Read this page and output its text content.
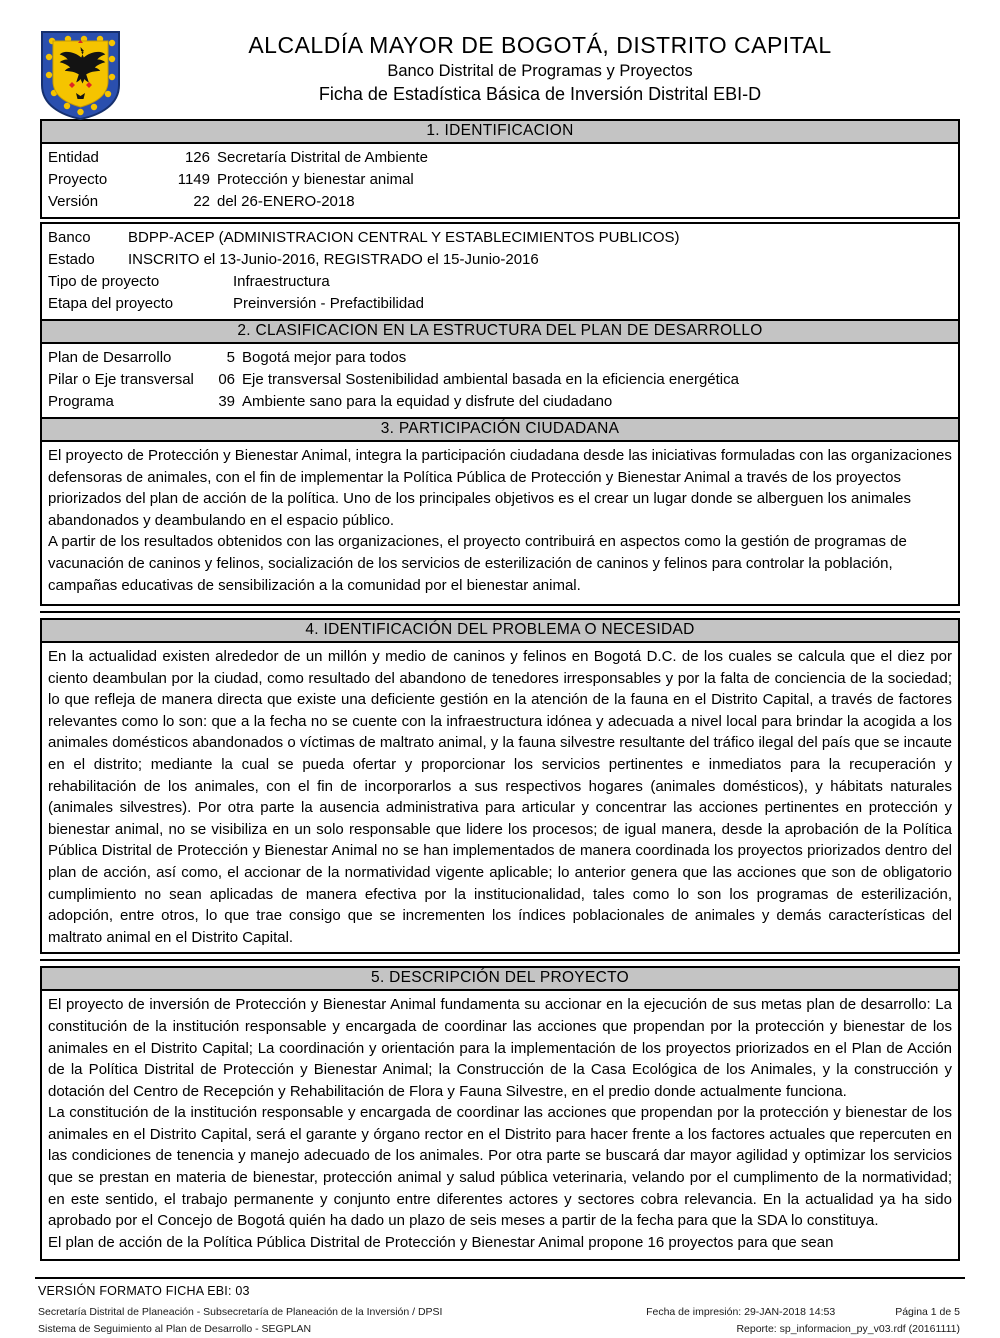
ALCALDÍA MAYOR DE BOGOTÁ, DISTRITO CAPITAL
Banco Distrital de Programas y Proyectos
Ficha de Estadística Básica de Inversión Distrital EBI-D
1. IDENTIFICACION
Entidad	126 Secretaría Distrital de Ambiente
Proyecto	1149 Protección y bienestar animal
Versión	22 del 26-ENERO-2018
Banco	BDPP-ACEP (ADMINISTRACION CENTRAL Y ESTABLECIMIENTOS PUBLICOS)
Estado	INSCRITO el 13-Junio-2016, REGISTRADO el 15-Junio-2016
Tipo de proyecto	Infraestructura
Etapa del proyecto	Preinversión - Prefactibilidad
2. CLASIFICACION EN LA ESTRUCTURA DEL PLAN DE DESARROLLO
Plan de Desarrollo	5 Bogotá mejor para todos
Pilar o Eje transversal	06 Eje transversal Sostenibilidad ambiental basada en la eficiencia energética
Programa	39 Ambiente sano para la equidad y disfrute del ciudadano
3. PARTICIPACIÓN CIUDADANA

El proyecto de Protección y Bienestar Animal, integra la participación ciudadana desde las iniciativas formuladas con las organizaciones defensoras de animales, con el fin de implementar la Política Pública de Protección y Bienestar Animal a través de los proyectos priorizados del plan de acción de la política. Uno de los principales objetivos es el crear un lugar donde se alberguen los animales abandonados y deambulando en el espacio público.

A partir de los resultados obtenidos con las organizaciones, el proyecto contribuirá en aspectos como la gestión de programas de vacunación de caninos y felinos, socialización de los servicios de esterilización de caninos y felinos para controlar la población, campañas educativas de sensibilización a la comunidad por el bienestar animal.

4. IDENTIFICACIÓN DEL PROBLEMA O NECESIDAD

En la actualidad existen alrededor de un millón y medio de caninos y felinos en Bogotá D.C. de los cuales se calcula que el diez por ciento deambulan por la ciudad, como resultado del abandono de tenedores irresponsables y por la falta de conciencia de la sociedad; lo que refleja de manera directa que existe una deficiente gestión en la atención de la fauna en el Distrito Capital, a través de factores relevantes como lo son: que a la fecha no se cuente con la infraestructura idónea y adecuada a nivel local para brindar la acogida a los animales domésticos abandonados o víctimas de maltrato animal, y la fauna silvestre resultante del tráfico ilegal del país que se incaute en el distrito; mediante la cual se pueda ofertar y proporcionar los servicios pertinentes e inmediatos para la recuperación y rehabilitación de los animales, con el fin de incorporarlos a sus respectivos hogares (animales domésticos), y hábitats naturales (animales silvestres). Por otra parte la ausencia administrativa para articular y concentrar las acciones pertinentes en protección y bienestar animal, no se visibiliza en un solo responsable que lidere los procesos; de igual manera, desde la aprobación de la Política Pública Distrital de Protección y Bienestar Animal no se han implementados de manera coordinada los proyectos priorizados dentro del plan de acción, así como, el accionar de la normatividad vigente aplicable; lo anterior genera que las acciones que son de obligatorio cumplimiento no sean aplicadas de manera efectiva por la institucionalidad, tales como lo son los programas de esterilización, adopción, entre otros, lo que trae consigo que se incrementen los índices poblacionales de animales y demás características del maltrato animal en el Distrito Capital.

5. DESCRIPCIÓN DEL PROYECTO

El proyecto de inversión de Protección y Bienestar Animal fundamenta su accionar en la ejecución de sus metas plan de desarrollo: La constitución de la institución responsable y encargada de coordinar las acciones que propendan por la protección y bienestar de los animales en el Distrito Capital; La coordinación y orientación para la implementación de los proyectos priorizados en el Plan de Acción de la Política Distrital de Protección y Bienestar Animal; la Construcción de la Casa Ecológica de los Animales, y la construcción y dotación del Centro de Recepción y Rehabilitación de Flora y Fauna Silvestre, en el predio donde actualmente funciona.

La constitución de la institución responsable y encargada de coordinar las acciones que propendan por la protección y bienestar de los animales en el Distrito Capital, será el garante y órgano rector en el Distrito para hacer frente a los factores actuales que repercuten en las condiciones de tenencia y manejo adecuado de los animales. Por otra parte se buscará dar mayor agilidad y optimizar los servicios que se prestan en materia de bienestar, protección animal y salud pública veterinaria, velando por el cumplimento de la normatividad; en este sentido, el trabajo permanente y conjunto entre diferentes actores y sectores cobra relevancia. En la actualidad ya ha sido aprobado por el Concejo de Bogotá quién ha dado un plazo de seis meses a partir de la fecha para que la SDA lo constituya.

El plan de acción de la Política Pública Distrital de Protección y Bienestar Animal propone 16 proyectos para que sean

VERSIÓN FORMATO FICHA EBI: 03
Secretaría Distrital de Planeación - Subsecretaría de Planeación de la Inversión / DPSI	Fecha de impresión: 29-JAN-2018 14:53	Página 1 de 5
Sistema de Seguimiento al Plan de Desarrollo - SEGPLAN	Reporte: sp_informacion_py_v03.rdf (20161111)
